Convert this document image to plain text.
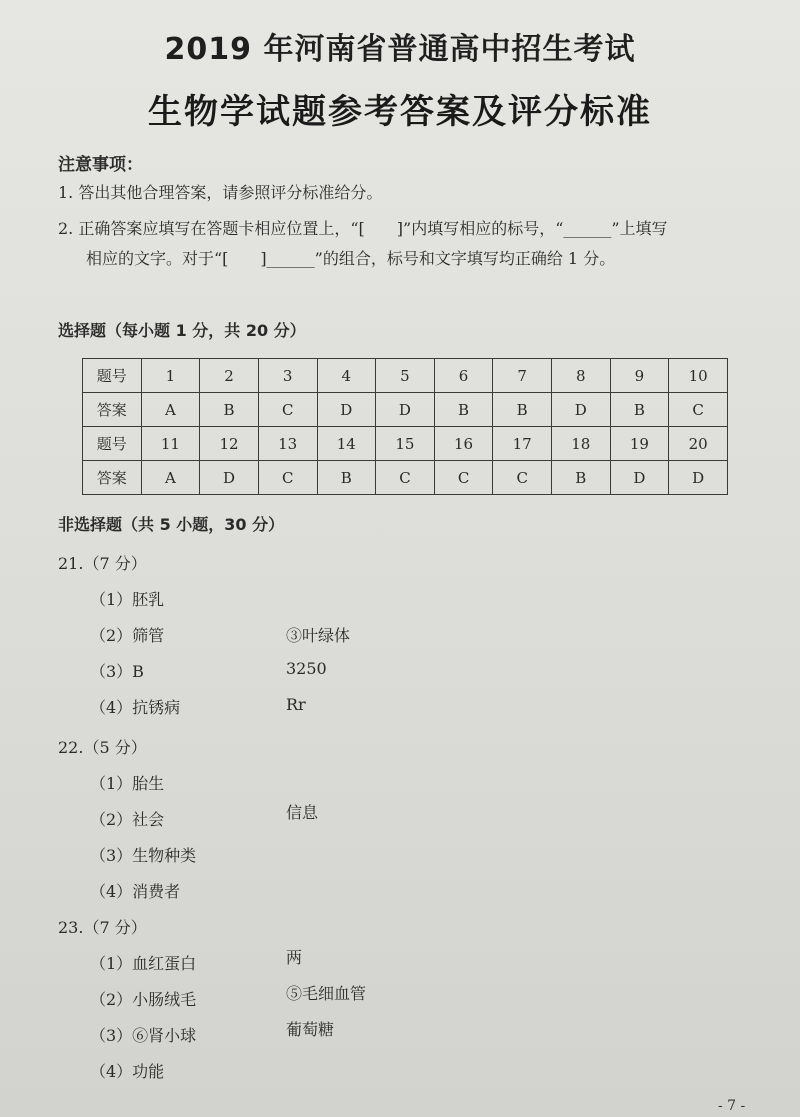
2019 年河南省普通高中招生考试
生物学试题参考答案及评分标准
注意事项：
1. 答出其他合理答案，请参照评分标准给分。
2. 正确答案应填写在答题卡相应位置上，“[　　]”内填写相应的标号，“______”上填写
相应的文字。对于“[　　]______”的组合，标号和文字填写均正确给 1 分。
选择题（每小题 1 分，共 20 分）
题号	1	2	3	4	5	6	7	8	9	10
答案	A	B	C	D	D	B	B	D	B	C
题号	11	12	13	14	15	16	17	18	19	20
答案	A	D	C	B	C	C	C	B	D	D
非选择题（共 5 小题，30 分）
21.（7 分）
（1）胚乳
（2）筛管	③叶绿体
（3）B	3250
（4）抗锈病	Rr
22.（5 分）
（1）胎生
（2）社会	信息
（3）生物种类
（4）消费者
23.（7 分）
（1）血红蛋白	两
（2）小肠绒毛	⑤毛细血管
（3）⑥肾小球	葡萄糖
（4）功能
- 7 -
